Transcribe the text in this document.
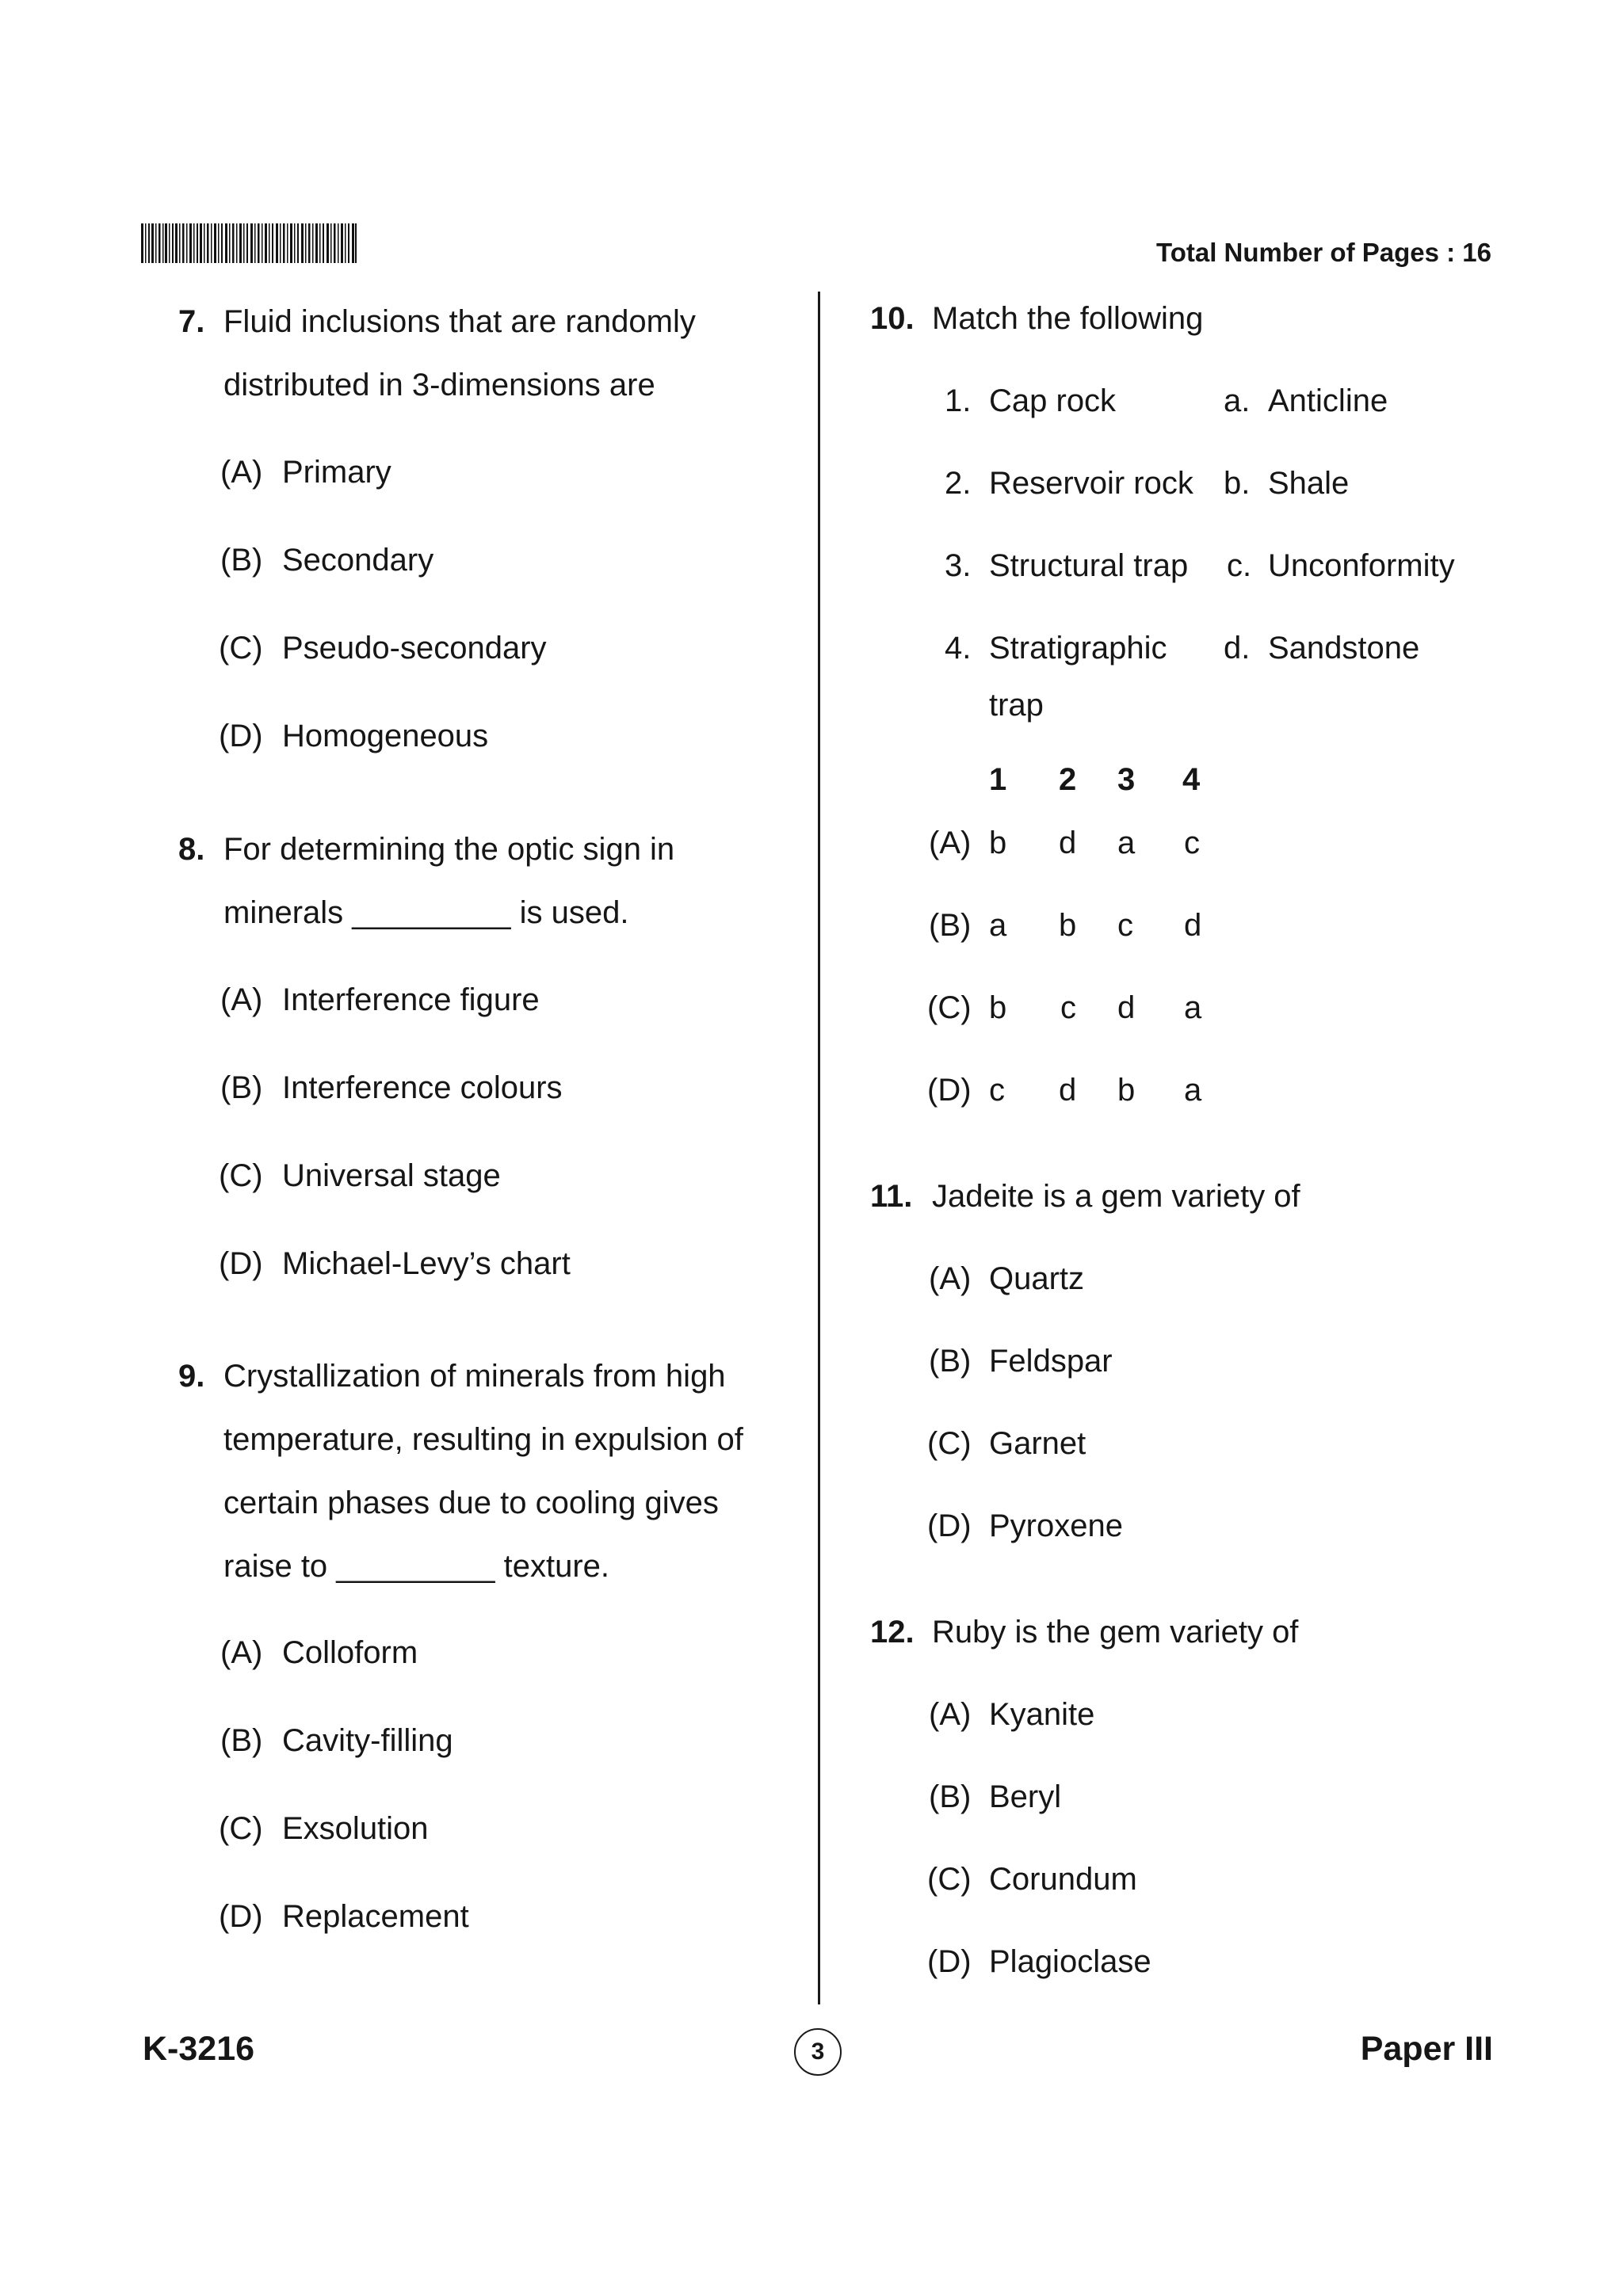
Total Number of Pages : 16
7. Fluid inclusions that are randomly
distributed in 3-dimensions are
(A) Primary
(B) Secondary
(C) Pseudo-secondary
(D) Homogeneous
8. For determining the optic sign in
minerals _________ is used.
(A) Interference figure
(B) Interference colours
(C) Universal stage
(D) Michael-Levy’s chart
9. Crystallization of minerals from high
temperature, resulting in expulsion of
certain phases due to cooling gives
raise to _________ texture.
(A) Colloform
(B) Cavity-filling
(C) Exsolution
(D) Replacement
10. Match the following
1. Cap rock
2. Reservoir rock
3. Structural trap
4. Stratigraphic
trap
a. Anticline
b. Shale
c. Unconformity
d. Sandstone
1 2 3 4
(A) b d a c
(B) a b c d
(C) b c d a
(D) c d b a
11. Jadeite is a gem variety of
(A) Quartz
(B) Feldspar
(C) Garnet
(D) Pyroxene
12. Ruby is the gem variety of
(A) Kyanite
(B) Beryl
(C) Corundum
(D) Plagioclase
K-3216	3	Paper III
